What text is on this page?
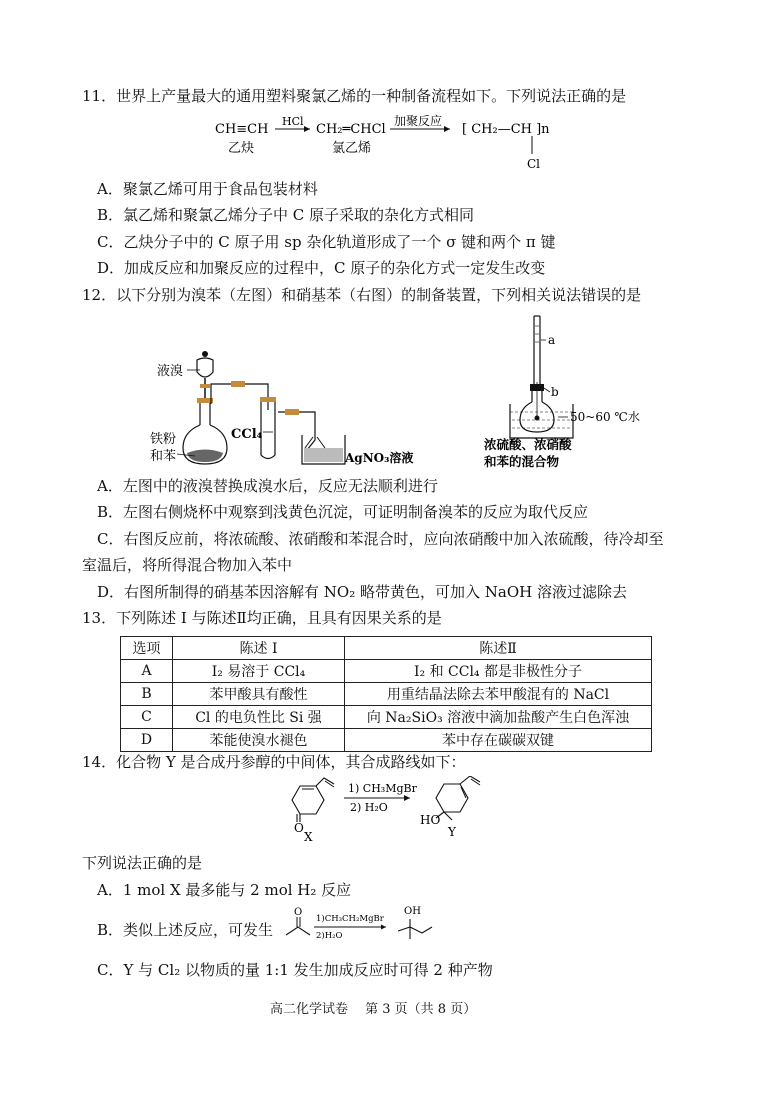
11．世界上产量最大的通用塑料聚氯乙烯的一种制备流程如下。下列说法正确的是
CH≡CH
乙炔
HCl
CH₂═CHCl
氯乙烯
加聚反应
[ CH₂—CH ]n
Cl
A．聚氯乙烯可用于食品包装材料
B．氯乙烯和聚氯乙烯分子中 C 原子采取的杂化方式相同
C．乙炔分子中的 C 原子用 sp 杂化轨道形成了一个 σ 键和两个 π 键
D．加成反应和加聚反应的过程中，C 原子的杂化方式一定发生改变
12．以下分别为溴苯（左图）和硝基苯（右图）的制备装置，下列相关说法错误的是
液溴
CCl₄
AgNO₃溶液
铁粉
和苯
a
b
50~60 ℃水
浓硫酸、浓硝酸
和苯的混合物
A．左图中的液溴替换成溴水后，反应无法顺利进行
B．左图右侧烧杯中观察到浅黄色沉淀，可证明制备溴苯的反应为取代反应
C．右图反应前，将浓硫酸、浓硝酸和苯混合时，应向浓硝酸中加入浓硫酸，待冷却至
室温后，将所得混合物加入苯中
D．右图所制得的硝基苯因溶解有 NO₂ 略带黄色，可加入 NaOH 溶液过滤除去
13．下列陈述 I 与陈述Ⅱ均正确，且具有因果关系的是
选项	陈述 I	陈述Ⅱ
A	I₂ 易溶于 CCl₄	I₂ 和 CCl₄ 都是非极性分子
B	苯甲酸具有酸性	用重结晶法除去苯甲酸混有的 NaCl
C	Cl 的电负性比 Si 强	向 Na₂SiO₃ 溶液中滴加盐酸产生白色浑浊
D	苯能使溴水褪色	苯中存在碳碳双键
14．化合物 Y 是合成丹参醇的中间体，其合成路线如下：
O
X
1) CH₃MgBr
2) H₂O
HO
Y
下列说法正确的是
A．1 mol X 最多能与 2 mol H₂ 反应
B．类似上述反应，可发生
O
1)CH₃CH₂MgBr
2)H₂O
OH
C．Y 与 Cl₂ 以物质的量 1:1 发生加成反应时可得 2 种产物
高二化学试卷　 第 3 页（共 8 页）
